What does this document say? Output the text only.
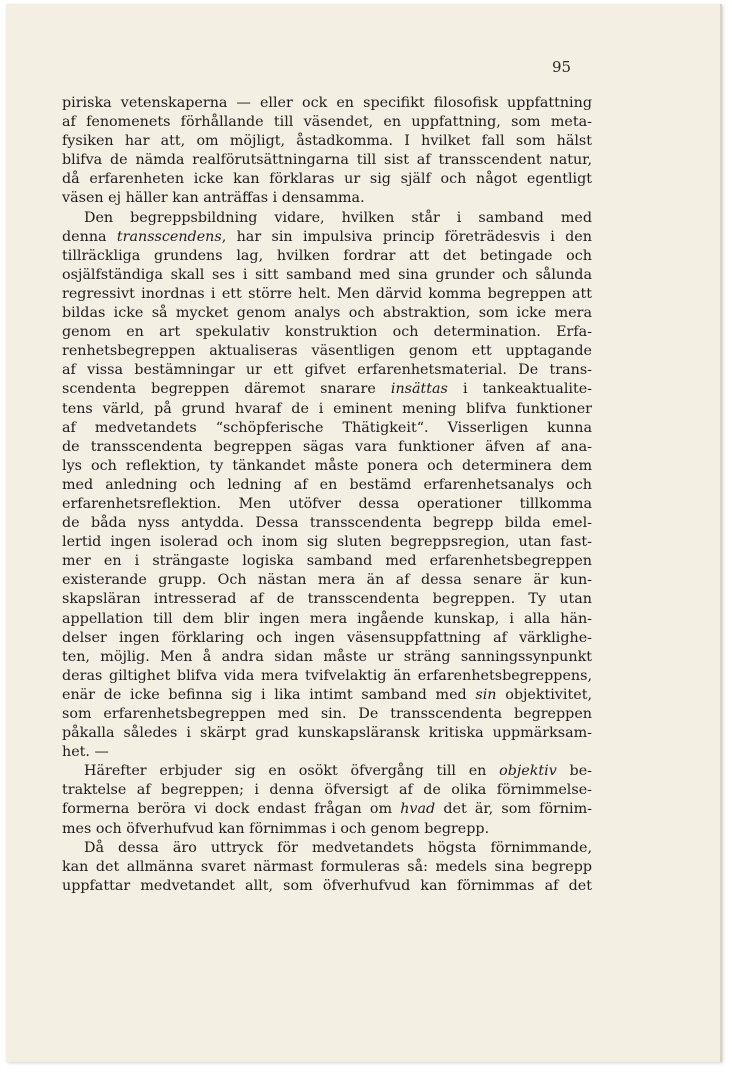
95
piriska vetenskaperna — eller ock en specifikt filosofisk uppfattning
af fenomenets förhållande till väsendet, en uppfattning, som meta-
fysiken har att, om möjligt, åstadkomma. I hvilket fall som hälst
blifva de nämda realförutsättningarna till sist af transscendent natur,
då erfarenheten icke kan förklaras ur sig själf och något egentligt
väsen ej häller kan anträffas i densamma.
Den begreppsbildning vidare, hvilken står i samband med
denna transscendens, har sin impulsiva princip företrädesvis i den
tillräckliga grundens lag, hvilken fordrar att det betingade och
osjälfständiga skall ses i sitt samband med sina grunder och sålunda
regressivt inordnas i ett större helt. Men därvid komma begreppen att
bildas icke så mycket genom analys och abstraktion, som icke mera
genom en art spekulativ konstruktion och determination. Erfa-
renhetsbegreppen aktualiseras väsentligen genom ett upptagande
af vissa bestämningar ur ett gifvet erfarenhetsmaterial. De trans-
scendenta begreppen däremot snarare insättas i tankeaktualite-
tens värld, på grund hvaraf de i eminent mening blifva funktioner
af medvetandets “schöpferische Thätigkeit“. Visserligen kunna
de transscendenta begreppen sägas vara funktioner äfven af ana-
lys och reflektion, ty tänkandet måste ponera och determinera dem
med anledning och ledning af en bestämd erfarenhetsanalys och
erfarenhetsreflektion. Men utöfver dessa operationer tillkomma
de båda nyss antydda. Dessa transscendenta begrepp bilda emel-
lertid ingen isolerad och inom sig sluten begreppsregion, utan fast-
mer en i strängaste logiska samband med erfarenhetsbegreppen
existerande grupp. Och nästan mera än af dessa senare är kun-
skapsläran intresserad af de transscendenta begreppen. Ty utan
appellation till dem blir ingen mera ingående kunskap, i alla hän-
delser ingen förklaring och ingen väsensuppfattning af värklighe-
ten, möjlig. Men å andra sidan måste ur sträng sanningssynpunkt
deras giltighet blifva vida mera tvifvelaktig än erfarenhetsbegreppens,
enär de icke befinna sig i lika intimt samband med sin objektivitet,
som erfarenhetsbegreppen med sin. De transscendenta begreppen
påkalla således i skärpt grad kunskapsläransk kritiska uppmärksam-
het. —
Härefter erbjuder sig en osökt öfvergång till en objektiv be-
traktelse af begreppen; i denna öfversigt af de olika förnimmelse-
formerna beröra vi dock endast frågan om hvad det är, som förnim-
mes och öfverhufvud kan förnimmas i och genom begrepp.
Då dessa äro uttryck för medvetandets högsta förnimmande,
kan det allmänna svaret närmast formuleras så: medels sina begrepp
uppfattar medvetandet allt, som öfverhufvud kan förnimmas af det
